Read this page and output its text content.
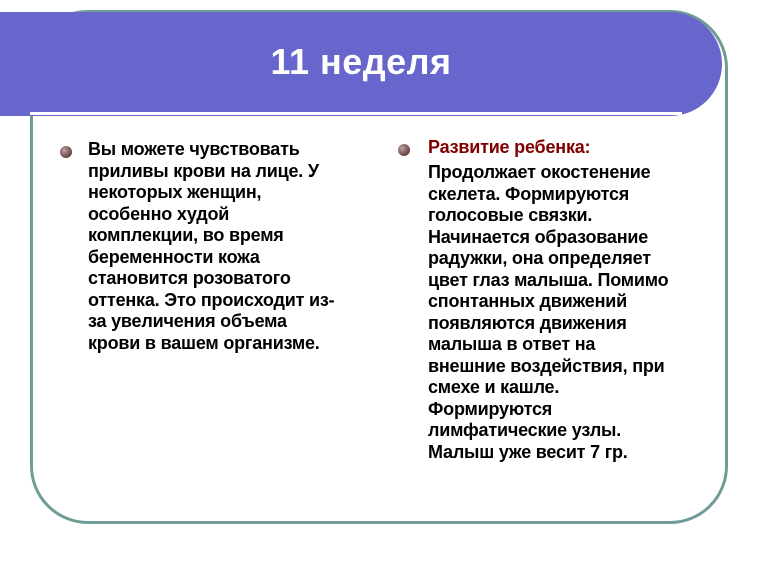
11 неделя
Вы можете чувствовать
приливы крови на лице. У
некоторых женщин,
особенно худой
комплекции, во время
беременности кожа
становится розоватого
оттенка. Это происходит из-
за увеличения объема
крови в вашем организме.
Развитие ребенка:
Продолжает окостенение
скелета. Формируются
голосовые связки.
Начинается образование
радужки, она определяет
цвет глаз малыша. Помимо
спонтанных движений
появляются движения
малыша в ответ на
внешние воздействия, при
смехе и кашле.
Формируются
лимфатические узлы.
Малыш уже весит 7 гр.
